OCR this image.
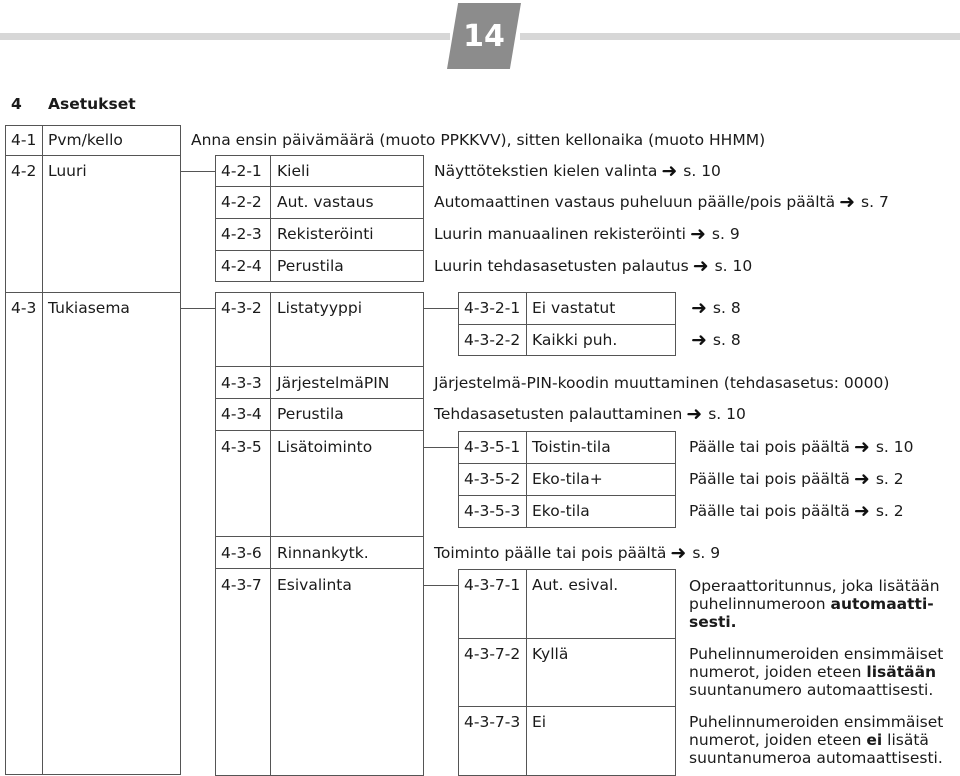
14
4 Asetukset
4-1 Pvm/kello	Anna ensin päivämäärä (muoto PPKKVV), sitten kellonaika (muoto HHMM)
4-2 Luuri	4-2-1 Kieli	Näyttötekstien kielen valinta ➜ s. 10
4-2-2 Aut. vastaus	Automaattinen vastaus puheluun päälle/pois päältä ➜ s. 7
4-2-3 Rekisteröinti	Luurin manuaalinen rekisteröinti ➜ s. 9
4-2-4 Perustila	Luurin tehdasasetusten palautus ➜ s. 10
4-3 Tukiasema	4-3-2 Listatyyppi	4-3-2-1 Ei vastatut	➜ s. 8
4-3-2-2 Kaikki puh.	➜ s. 8
4-3-3 JärjestelmäPIN	Järjestelmä-PIN-koodin muuttaminen (tehdasasetus: 0000)
4-3-4 Perustila	Tehdasasetusten palauttaminen ➜ s. 10
4-3-5 Lisätoiminto	4-3-5-1 Toistin-tila	Päälle tai pois päältä ➜ s. 10
4-3-5-2 Eko-tila+	Päälle tai pois päältä ➜ s. 2
4-3-5-3 Eko-tila	Päälle tai pois päältä ➜ s. 2
4-3-6 Rinnankytk.	Toiminto päälle tai pois päältä ➜ s. 9
4-3-7 Esivalinta	4-3-7-1 Aut. esival.	Operaattoritunnus, joka lisätään
puhelinnumeroon automaatti-
sesti.
4-3-7-2 Kyllä	Puhelinnumeroiden ensimmäiset
numerot, joiden eteen lisätään
suuntanumero automaattisesti.
4-3-7-3 Ei	Puhelinnumeroiden ensimmäiset
numerot, joiden eteen ei lisätä
suuntanumeroa automaattisesti.
